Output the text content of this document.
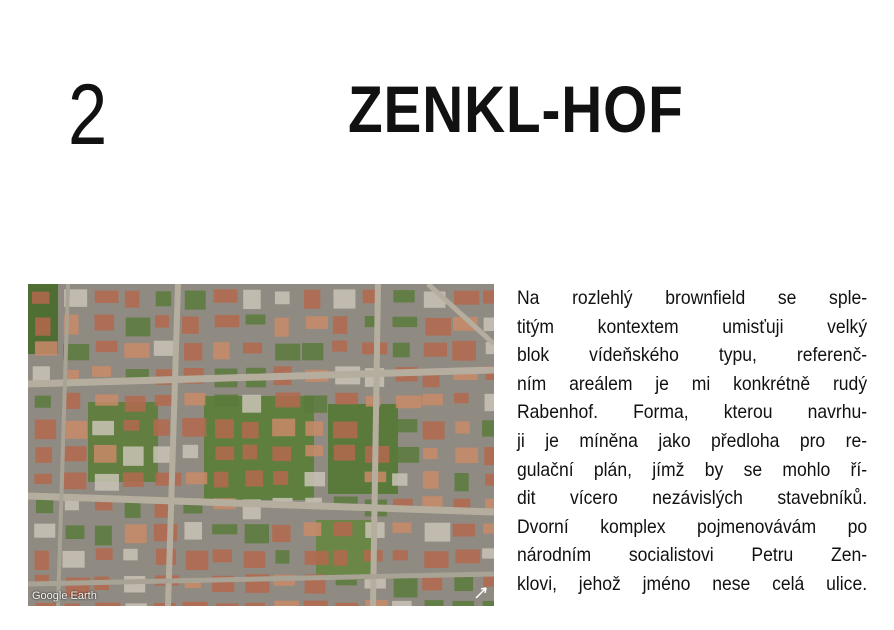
2	ZENKL-HOF
Google Earth
Na rozlehlý brownfield se sple-
titým kontextem umisťuji velký
blok vídeňského typu, referenč-
ním areálem je mi konkrétně rudý
Rabenhof. Forma, kterou navrhu-
ji je míněna jako předloha pro re-
gulační plán, jímž by se mohlo ří-
dit vícero nezávislých stavebníků.
Dvorní komplex pojmenovávám po
národním socialistovi Petru Zen-
klovi, jehož jméno nese celá ulice.
